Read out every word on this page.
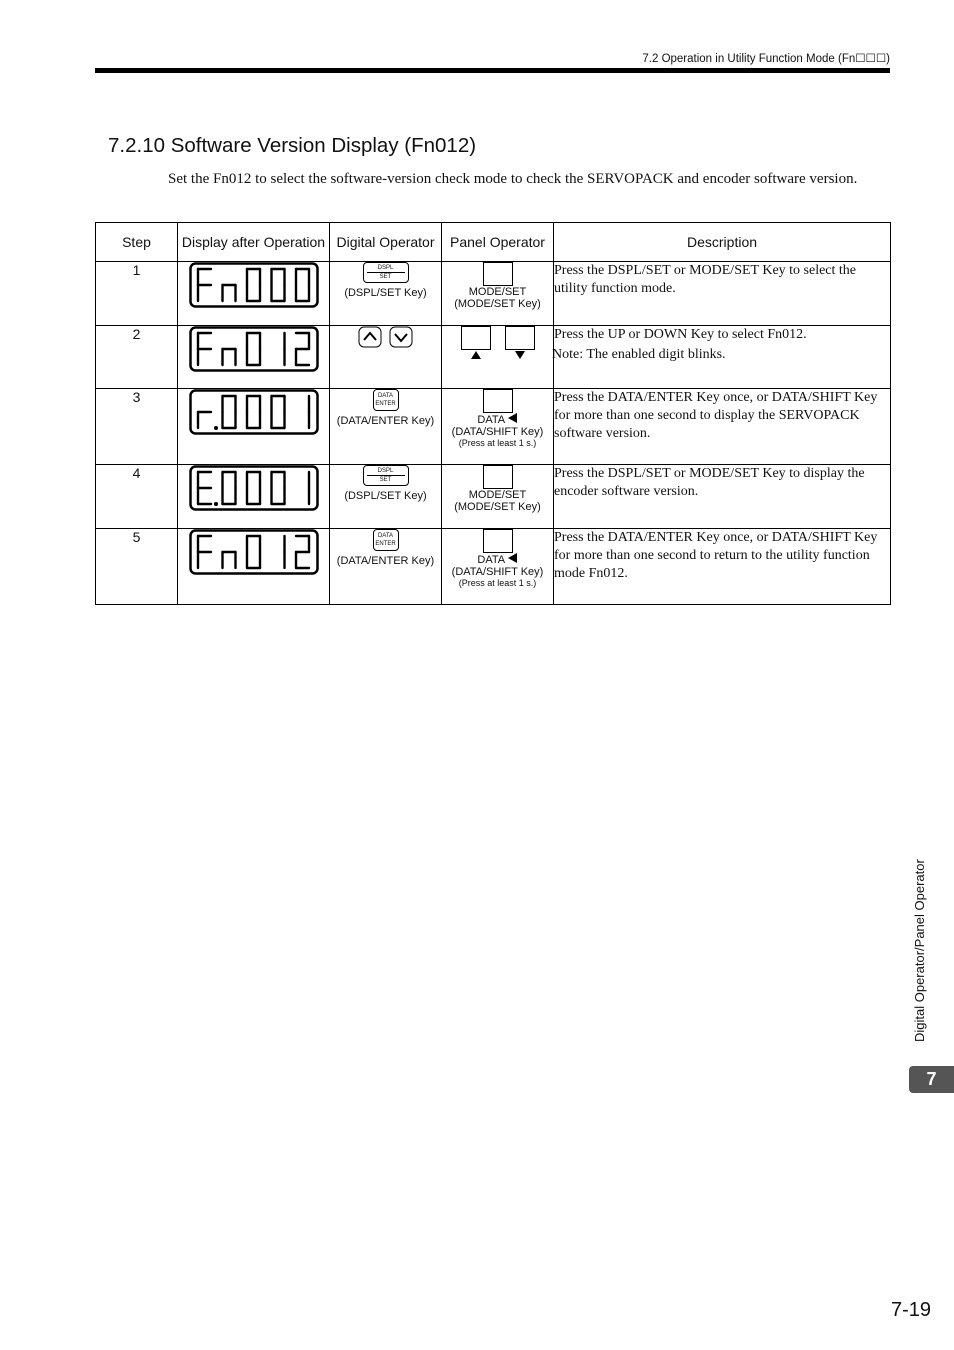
7.2 Operation in Utility Function Mode (Fn☐☐☐)
7.2.10 Software Version Display (Fn012)
Set the Fn012 to select the software-version check mode to check the SERVOPACK and encoder software version.
Step	Display after Operation	Digital Operator	Panel Operator	Description
1		DSPL
SET
(DSPL/SET Key)	MODE/SET
(MODE/SET Key)	Press the DSPL/SET or MODE/SET Key to select the utility function mode.
2				Press the UP or DOWN Key to select Fn012.
Note: The enabled digit blinks.

3		DATA
ENTER
(DATA/ENTER Key)	DATA
(DATA/SHIFT Key)
(Press at least 1 s.)	Press the DATA/ENTER Key once, or DATA/SHIFT Key for more than one second to display the SERVOPACK software version.
4		DSPL
SET
(DSPL/SET Key)	MODE/SET
(MODE/SET Key)	Press the DSPL/SET or MODE/SET Key to display the encoder software version.
5		DATA
ENTER
(DATA/ENTER Key)	DATA
(DATA/SHIFT Key)
(Press at least 1 s.)	Press the DATA/ENTER Key once, or DATA/SHIFT Key for more than one second to return to the utility function mode Fn012.
Digital Operator/Panel Operator
7
7-19
